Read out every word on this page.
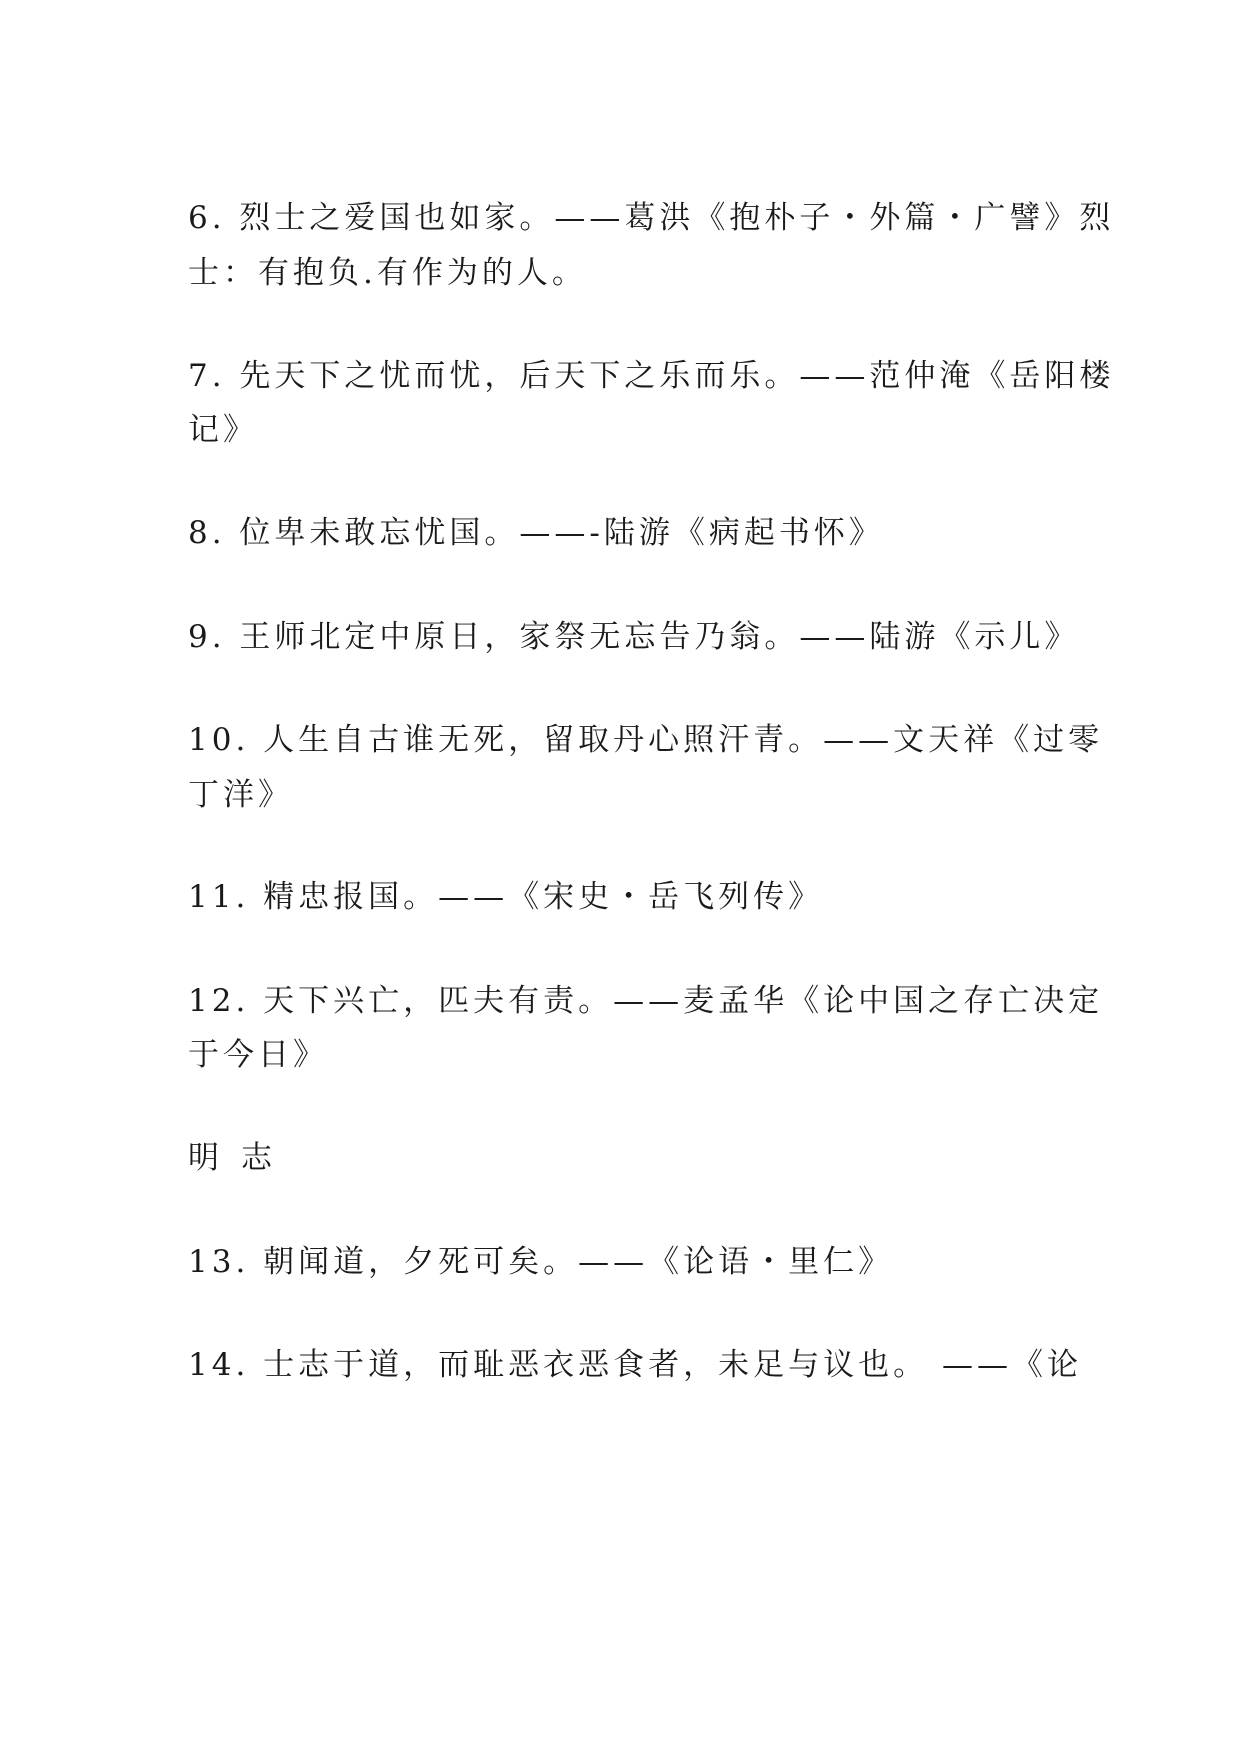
6. 烈士之爱国也如家。——葛洪《抱朴子・外篇・广譬》烈
士：有抱负.有作为的人。
7. 先天下之忧而忧，后天下之乐而乐。——范仲淹《岳阳楼
记》
8. 位卑未敢忘忧国。——-陆游《病起书怀》
9. 王师北定中原日，家祭无忘告乃翁。——陆游《示儿》
10. 人生自古谁无死，留取丹心照汗青。——文天祥《过零
丁洋》
11. 精忠报国。——《宋史・岳飞列传》
12. 天下兴亡，匹夫有责。——麦孟华《论中国之存亡决定
于今日》
明 志
13. 朝闻道，夕死可矣。——《论语・里仁》
14. 士志于道，而耻恶衣恶食者，未足与议也。 ——《论
